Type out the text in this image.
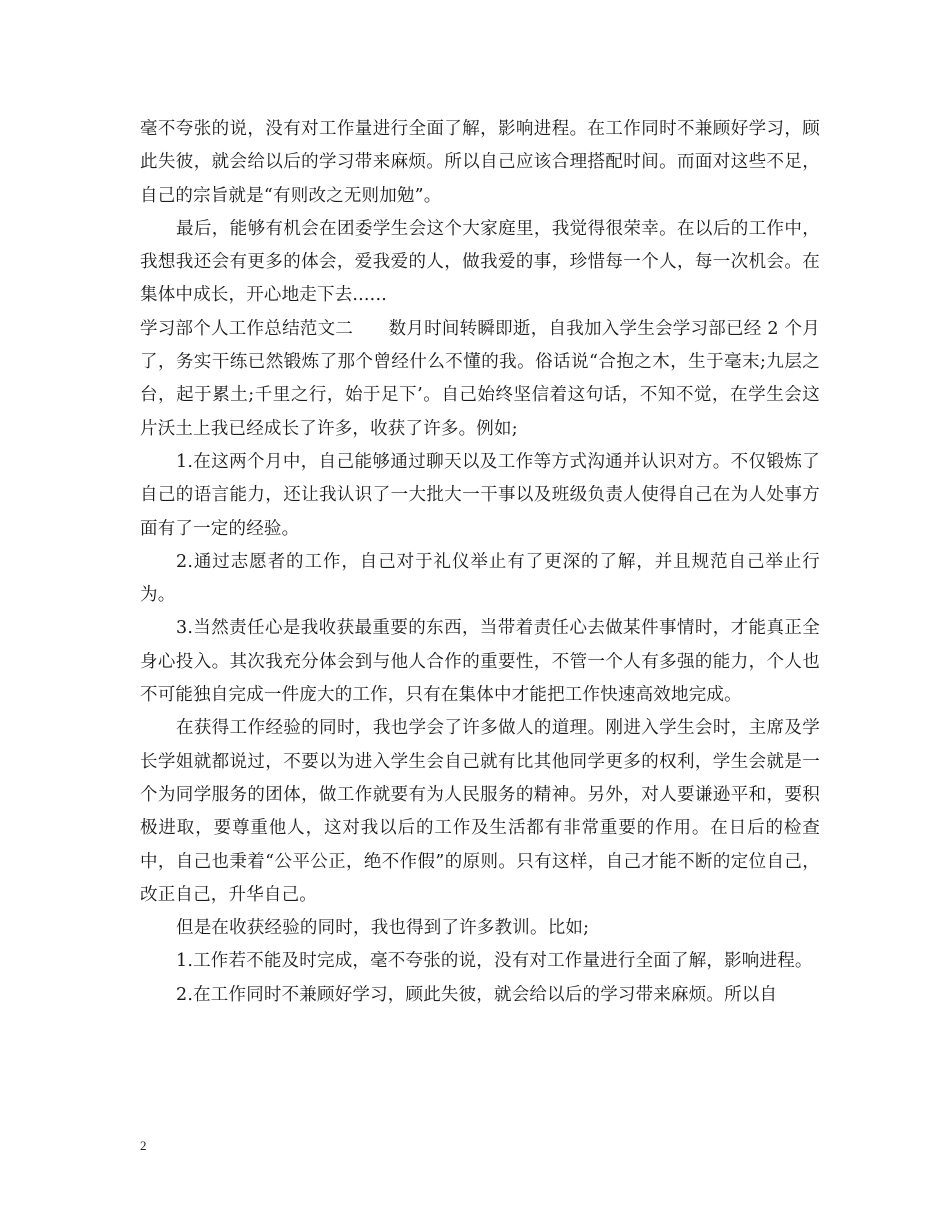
毫不夸张的说，没有对工作量进行全面了解，影响进程。在工作同时不兼顾好学习，顾此失彼，就会给以后的学习带来麻烦。所以自己应该合理搭配时间。而面对这些不足，自己的宗旨就是“有则改之无则加勉”。

最后，能够有机会在团委学生会这个大家庭里，我觉得很荣幸。在以后的工作中，我想我还会有更多的体会，爱我爱的人，做我爱的事，珍惜每一个人，每一次机会。在集体中成长，开心地走下去......

学习部个人工作总结范文二　　数月时间转瞬即逝，自我加入学生会学习部已经 2 个月了，务实干练已然锻炼了那个曾经什么不懂的我。俗话说“合抱之木，生于毫末;九层之台，起于累土;千里之行，始于足下’。自己始终坚信着这句话，不知不觉，在学生会这片沃土上我已经成长了许多，收获了许多。例如;

1.在这两个月中，自己能够通过聊天以及工作等方式沟通并认识对方。不仅锻炼了自己的语言能力，还让我认识了一大批大一干事以及班级负责人使得自己在为人处事方面有了一定的经验。

2.通过志愿者的工作，自己对于礼仪举止有了更深的了解，并且规范自己举止行为。

3.当然责任心是我收获最重要的东西，当带着责任心去做某件事情时，才能真正全身心投入。其次我充分体会到与他人合作的重要性，不管一个人有多强的能力，个人也不可能独自完成一件庞大的工作，只有在集体中才能把工作快速高效地完成。

在获得工作经验的同时，我也学会了许多做人的道理。刚进入学生会时，主席及学长学姐就都说过，不要以为进入学生会自己就有比其他同学更多的权利，学生会就是一个为同学服务的团体，做工作就要有为人民服务的精神。另外，对人要谦逊平和，要积极进取，要尊重他人，这对我以后的工作及生活都有非常重要的作用。在日后的检查中，自己也秉着“公平公正，绝不作假”的原则。只有这样，自己才能不断的定位自己，改正自己，升华自己。

但是在收获经验的同时，我也得到了许多教训。比如;

1.工作若不能及时完成，毫不夸张的说，没有对工作量进行全面了解，影响进程。

2.在工作同时不兼顾好学习，顾此失彼，就会给以后的学习带来麻烦。所以自

2
